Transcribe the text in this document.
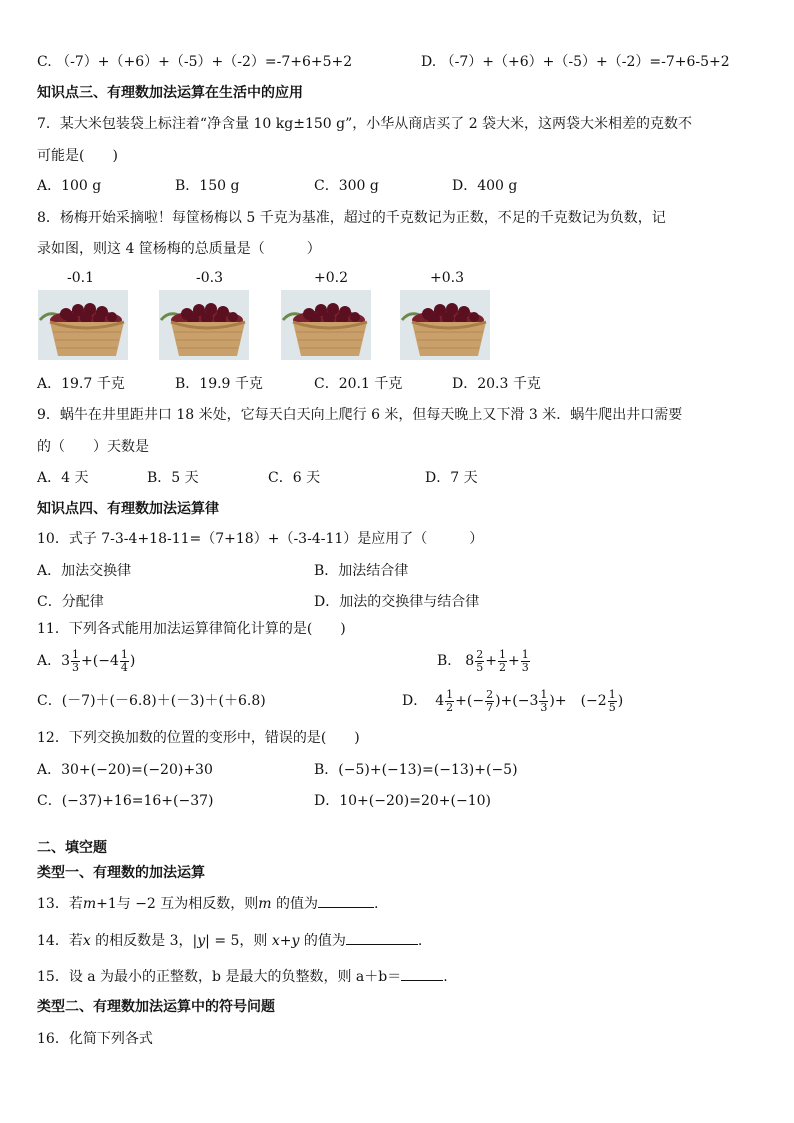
C. （-7）+（+6）+（-5）+（-2）=-7+6+5+2	D. （-7）+（+6）+（-5）+（-2）=-7+6-5+2
知识点三、有理数加法运算在生活中的应用
7．某大米包装袋上标注着“净含量 10 kg±150 g”，小华从商店买了 2 袋大米，这两袋大米相差的克数不
可能是(　　)
A．100 g	B．150 g	C．300 g	D．400 g
8．杨梅开始采摘啦！每筐杨梅以 5 千克为基准，超过的千克数记为正数，不足的千克数记为负数，记
录如图，则这 4 筐杨梅的总质量是（　　　）
-0.1	-0.3	+0.2	+0.3
A．19.7 千克	B．19.9 千克	C．20.1 千克	D．20.3 千克
9．蜗牛在井里距井口 18 米处，它每天白天向上爬行 6 米，但每天晚上又下滑 3 米．蜗牛爬出井口需要
的（　　）天数是
A．4 天	B．5 天	C．6 天	D．7 天
知识点四、有理数加法运算律
10．式子 7-3-4+18-11=（7+18）+（-3-4-11）是应用了（　　　）
A．加法交换律	B．加法结合律
C．分配律	D．加法的交换律与结合律
11．下列各式能用加法运算律简化计算的是(　　)
A． $3 \frac{1}{3} +(-4 \frac{1}{4}$ )	B． $8 \frac{2}{5} + \frac{1}{2} + \frac{1}{3}$
C．(－7)＋(－6.8)＋(－3)＋(＋6.8)	D． $4 \frac{1}{2}$ +(− $\frac{2}{7} )+(-3 \frac{1}{3}$ )+　($-2 \frac{1}{5}$ )
12．下列交换加数的位置的变形中，错误的是(　　)
A．30+(−20)=(−20)+30	B．(−5)+(−13)=(−13)+(−5)
C．(−37)+16=16+(−37)	D．10+(−20)=20+(−10)
二、填空题
类型一、有理数的加法运算
13．若m+1与 −2 互为相反数，则m 的值为	.
14．若x 的相反数是 3，|y| = 5，则 x+y 的值为	.
15．设 a 为最小的正整数，b 是最大的负整数，则 a＋b＝	.
类型二、有理数加法运算中的符号问题
16．化简下列各式
